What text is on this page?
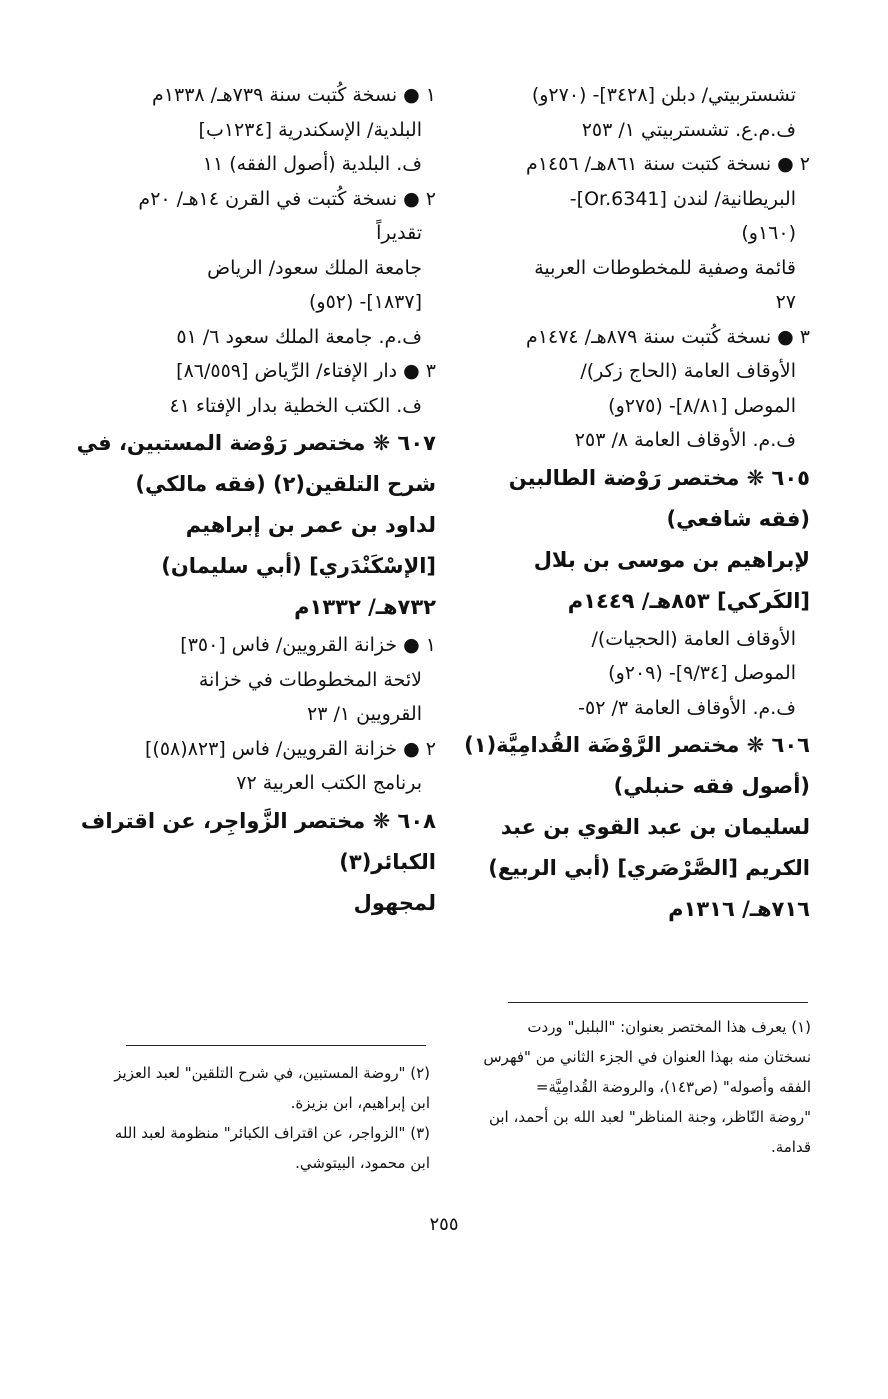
تشستربيتي/ دبلن [٣٤٢٨]- (٢٧٠و)
ف.م.ع. تشستربيتي ١/ ٢٥٣
٢ ● نسخة كتبت سنة ٨٦١هـ/ ١٤٥٦م
البريطانية/ لندن [Or.6341]-
(١٦٠و)
قائمة وصفية للمخطوطات العربية
٢٧
٣ ● نسخة كُتبت سنة ٨٧٩هـ/ ١٤٧٤م
الأوقاف العامة (الحاج زكر)/
الموصل [٨/٨١]- (٢٧٥و)
ف.م. الأوقاف العامة ٨/ ٢٥٣
٦٠٥ ❋ مختصر رَوْضة الطالبين
(فقه شافعي)
لإبراهيم بن موسى بن بلال
[الكَركي] ٨٥٣هـ/ ١٤٤٩م
الأوقاف العامة (الحجيات)/
الموصل [٩/٣٤]- (٢٠٩و)
ف.م. الأوقاف العامة ٣/ ٥٢-
٦٠٦ ❋ مختصر الرَّوْضَة القُدامِيَّة(١)
(أصول فقه حنبلي)
لسليمان بن عبد القوي بن عبد
الكريم [الصَّرْصَري] (أبي الربيع)
٧١٦هـ/ ١٣١٦م
١ ● نسخة كُتبت سنة ٧٣٩هـ/ ١٣٣٨م
البلدية/ الإسكندرية [١٢٣٤ب]
ف. البلدية (أصول الفقه) ١١
٢ ● نسخة كُتبت في القرن ١٤هـ/ ٢٠م
تقديراً
جامعة الملك سعود/ الرياض
[١٨٣٧]- (٥٢و)
ف.م. جامعة الملك سعود ٦/ ٥١
٣ ● دار الإفتاء/ الرِّياض [٨٦/٥٥٩]
ف. الكتب الخطية بدار الإفتاء ٤١
٦٠٧ ❋ مختصر رَوْضة المستبين، في
شرح التلقين(٢) (فقه مالكي)
لداود بن عمر بن إبراهيم
[الإسْكَنْدَري] (أبي سليمان)
٧٣٢هـ/ ١٣٣٢م
١ ● خزانة القرويين/ فاس [٣٥٠]
لائحة المخطوطات في خزانة
القرويين ١/ ٢٣
٢ ● خزانة القرويين/ فاس [٨٢٣(٥٨)]
برنامج الكتب العربية ٧٢
٦٠٨ ❋ مختصر الزَّواجِر، عن اقتراف
الكبائر(٣)
لمجهول
(١) يعرف هذا المختصر بعنوان: "البلبل" وردت
نسختان منه بهذا العنوان في الجزء الثاني من "فهرس
الفقه وأصوله" (ص١٤٣)، والروضة القُدامِيَّة=
"روضة النّاظر، وجنة المناظر" لعبد الله بن أحمد، ابن
قدامة.
(٢) "روضة المستبين، في شرح التلقين" لعبد العزيز
ابن إبراهيم، ابن بزيزة.
(٣) "الزواجر، عن اقتراف الكبائر" منظومة لعبد الله
ابن محمود، البيتوشي.
٢٥٥
